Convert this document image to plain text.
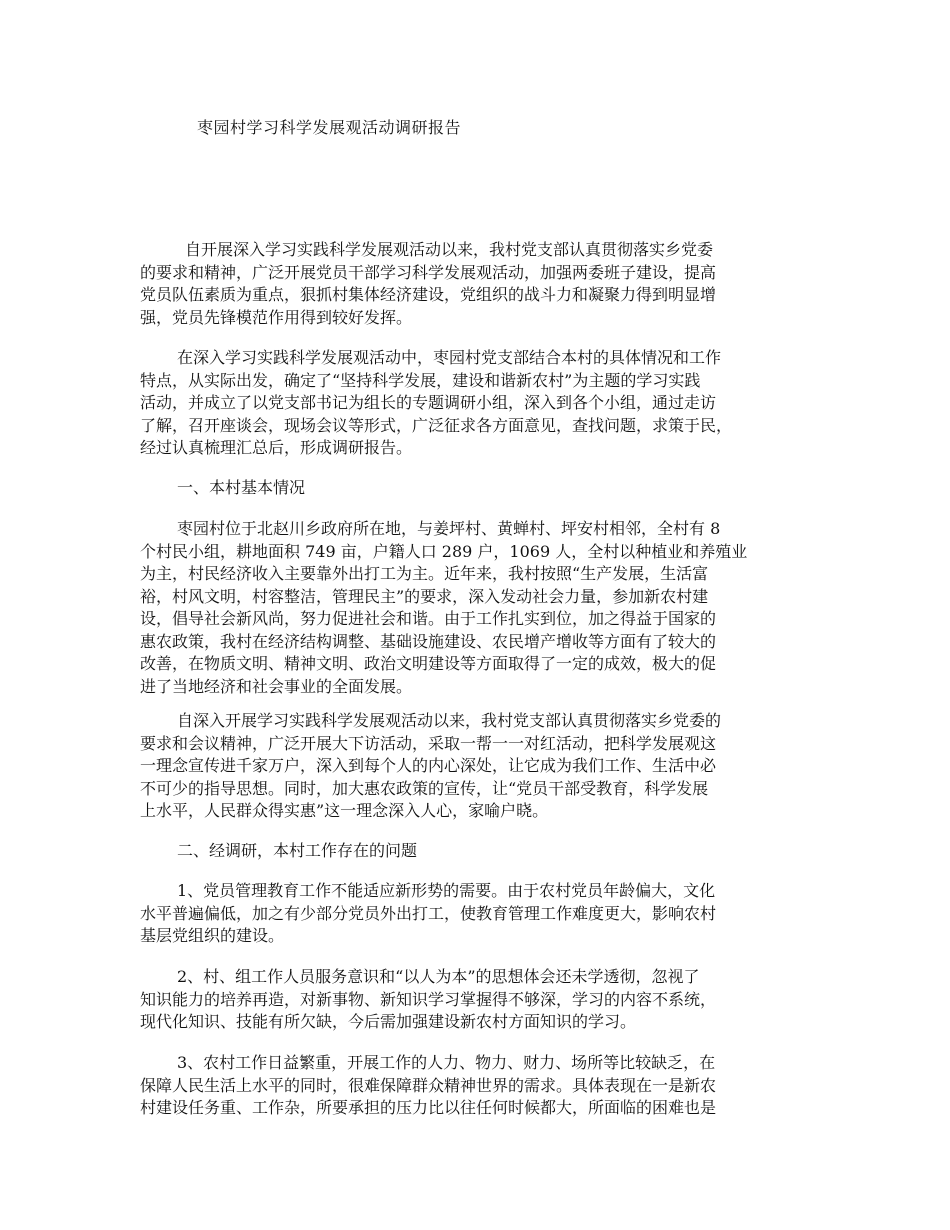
枣园村学习科学发展观活动调研报告
自开展深入学习实践科学发展观活动以来，我村党支部认真贯彻落实乡党委
的要求和精神，广泛开展党员干部学习科学发展观活动，加强两委班子建设，提高
党员队伍素质为重点，狠抓村集体经济建设，党组织的战斗力和凝聚力得到明显增
强，党员先锋模范作用得到较好发挥。
在深入学习实践科学发展观活动中，枣园村党支部结合本村的具体情况和工作
特点，从实际出发，确定了“坚持科学发展，建设和谐新农村”为主题的学习实践
活动，并成立了以党支部书记为组长的专题调研小组，深入到各个小组，通过走访
了解，召开座谈会，现场会议等形式，广泛征求各方面意见，查找问题，求策于民，
经过认真梳理汇总后，形成调研报告。

一、本村基本情况

枣园村位于北赵川乡政府所在地，与姜坪村、黄蝉村、坪安村相邻，全村有 8
个村民小组，耕地面积 749 亩，户籍人口 289 户，1069 人，全村以种植业和养殖业
为主，村民经济收入主要靠外出打工为主。近年来，我村按照“生产发展，生活富
裕，村风文明，村容整洁，管理民主”的要求，深入发动社会力量，参加新农村建
设，倡导社会新风尚，努力促进社会和谐。由于工作扎实到位，加之得益于国家的
惠农政策，我村在经济结构调整、基础设施建设、农民增产增收等方面有了较大的
改善，在物质文明、精神文明、政治文明建设等方面取得了一定的成效，极大的促
进了当地经济和社会事业的全面发展。
自深入开展学习实践科学发展观活动以来，我村党支部认真贯彻落实乡党委的
要求和会议精神，广泛开展大下访活动，采取一帮一一对红活动，把科学发展观这
一理念宣传进千家万户，深入到每个人的内心深处，让它成为我们工作、生活中必
不可少的指导思想。同时，加大惠农政策的宣传，让“党员干部受教育，科学发展
上水平，人民群众得实惠”这一理念深入人心，家喻户晓。

二、经调研，本村工作存在的问题

1、党员管理教育工作不能适应新形势的需要。由于农村党员年龄偏大，文化
水平普遍偏低，加之有少部分党员外出打工，使教育管理工作难度更大，影响农村
基层党组织的建设。
2、村、组工作人员服务意识和“以人为本”的思想体会还未学透彻，忽视了
知识能力的培养再造，对新事物、新知识学习掌握得不够深，学习的内容不系统，
现代化知识、技能有所欠缺，今后需加强建设新农村方面知识的学习。
3、农村工作日益繁重，开展工作的人力、物力、财力、场所等比较缺乏，在
保障人民生活上水平的同时，很难保障群众精神世界的需求。具体表现在一是新农
村建设任务重、工作杂，所要承担的压力比以往任何时候都大，所面临的困难也是
